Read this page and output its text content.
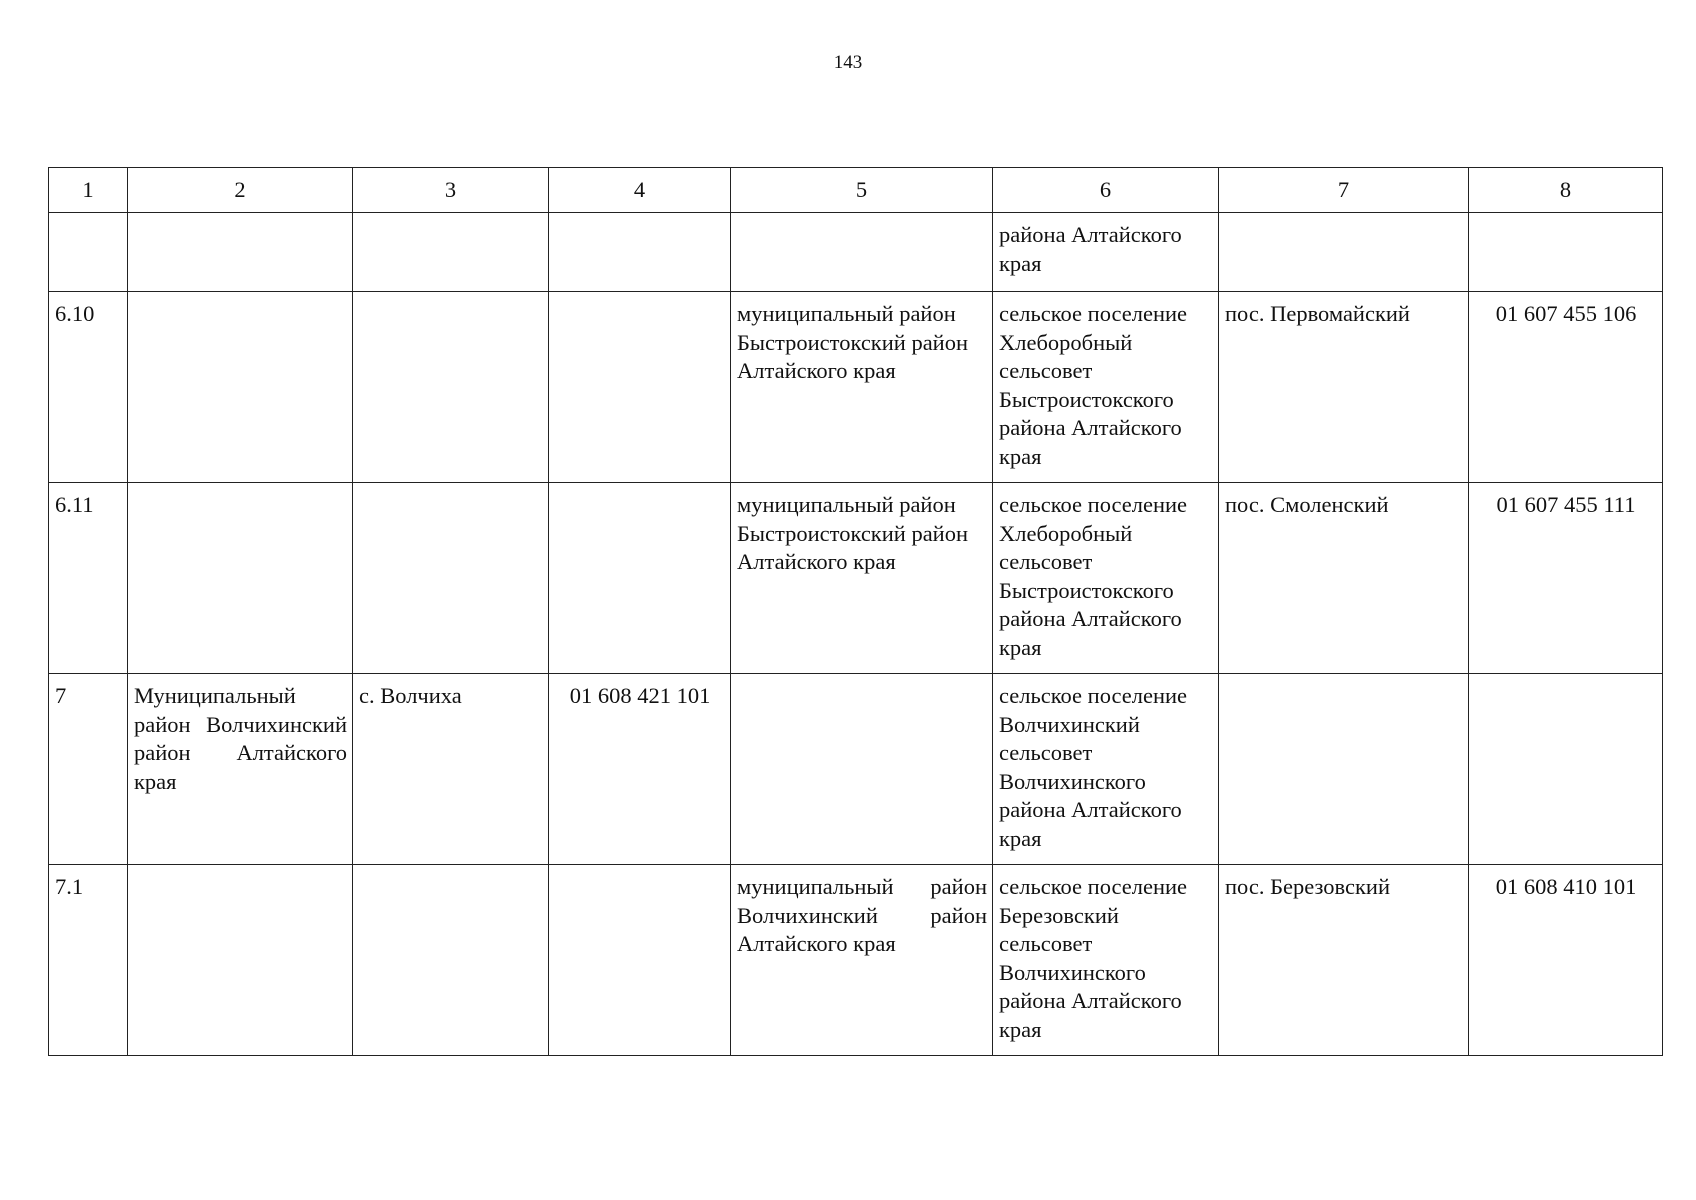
143
1	2	3	4	5	6	7	8
					района Алтайского края		
6.10				муниципальный район Быстроистокский район Алтайского края	сельское поселение Хлеборобный сельсовет Быстроистокского района Алтайского края	пос. Первомайский	01 607 455 106
6.11				муниципальный район Быстроистокский район Алтайского края	сельское поселение Хлеборобный сельсовет Быстроистокского района Алтайского края	пос. Смоленский	01 607 455 111
7	Муниципальный район Волчихинский район Алтайского края	с. Волчиха	01 608 421 101		сельское поселение Волчихинский сельсовет Волчихинского района Алтайского края		
7.1				муниципальный район Волчихинский район Алтайского края	сельское поселение Березовский сельсовет Волчихинского района Алтайского края	пос. Березовский	01 608 410 101
